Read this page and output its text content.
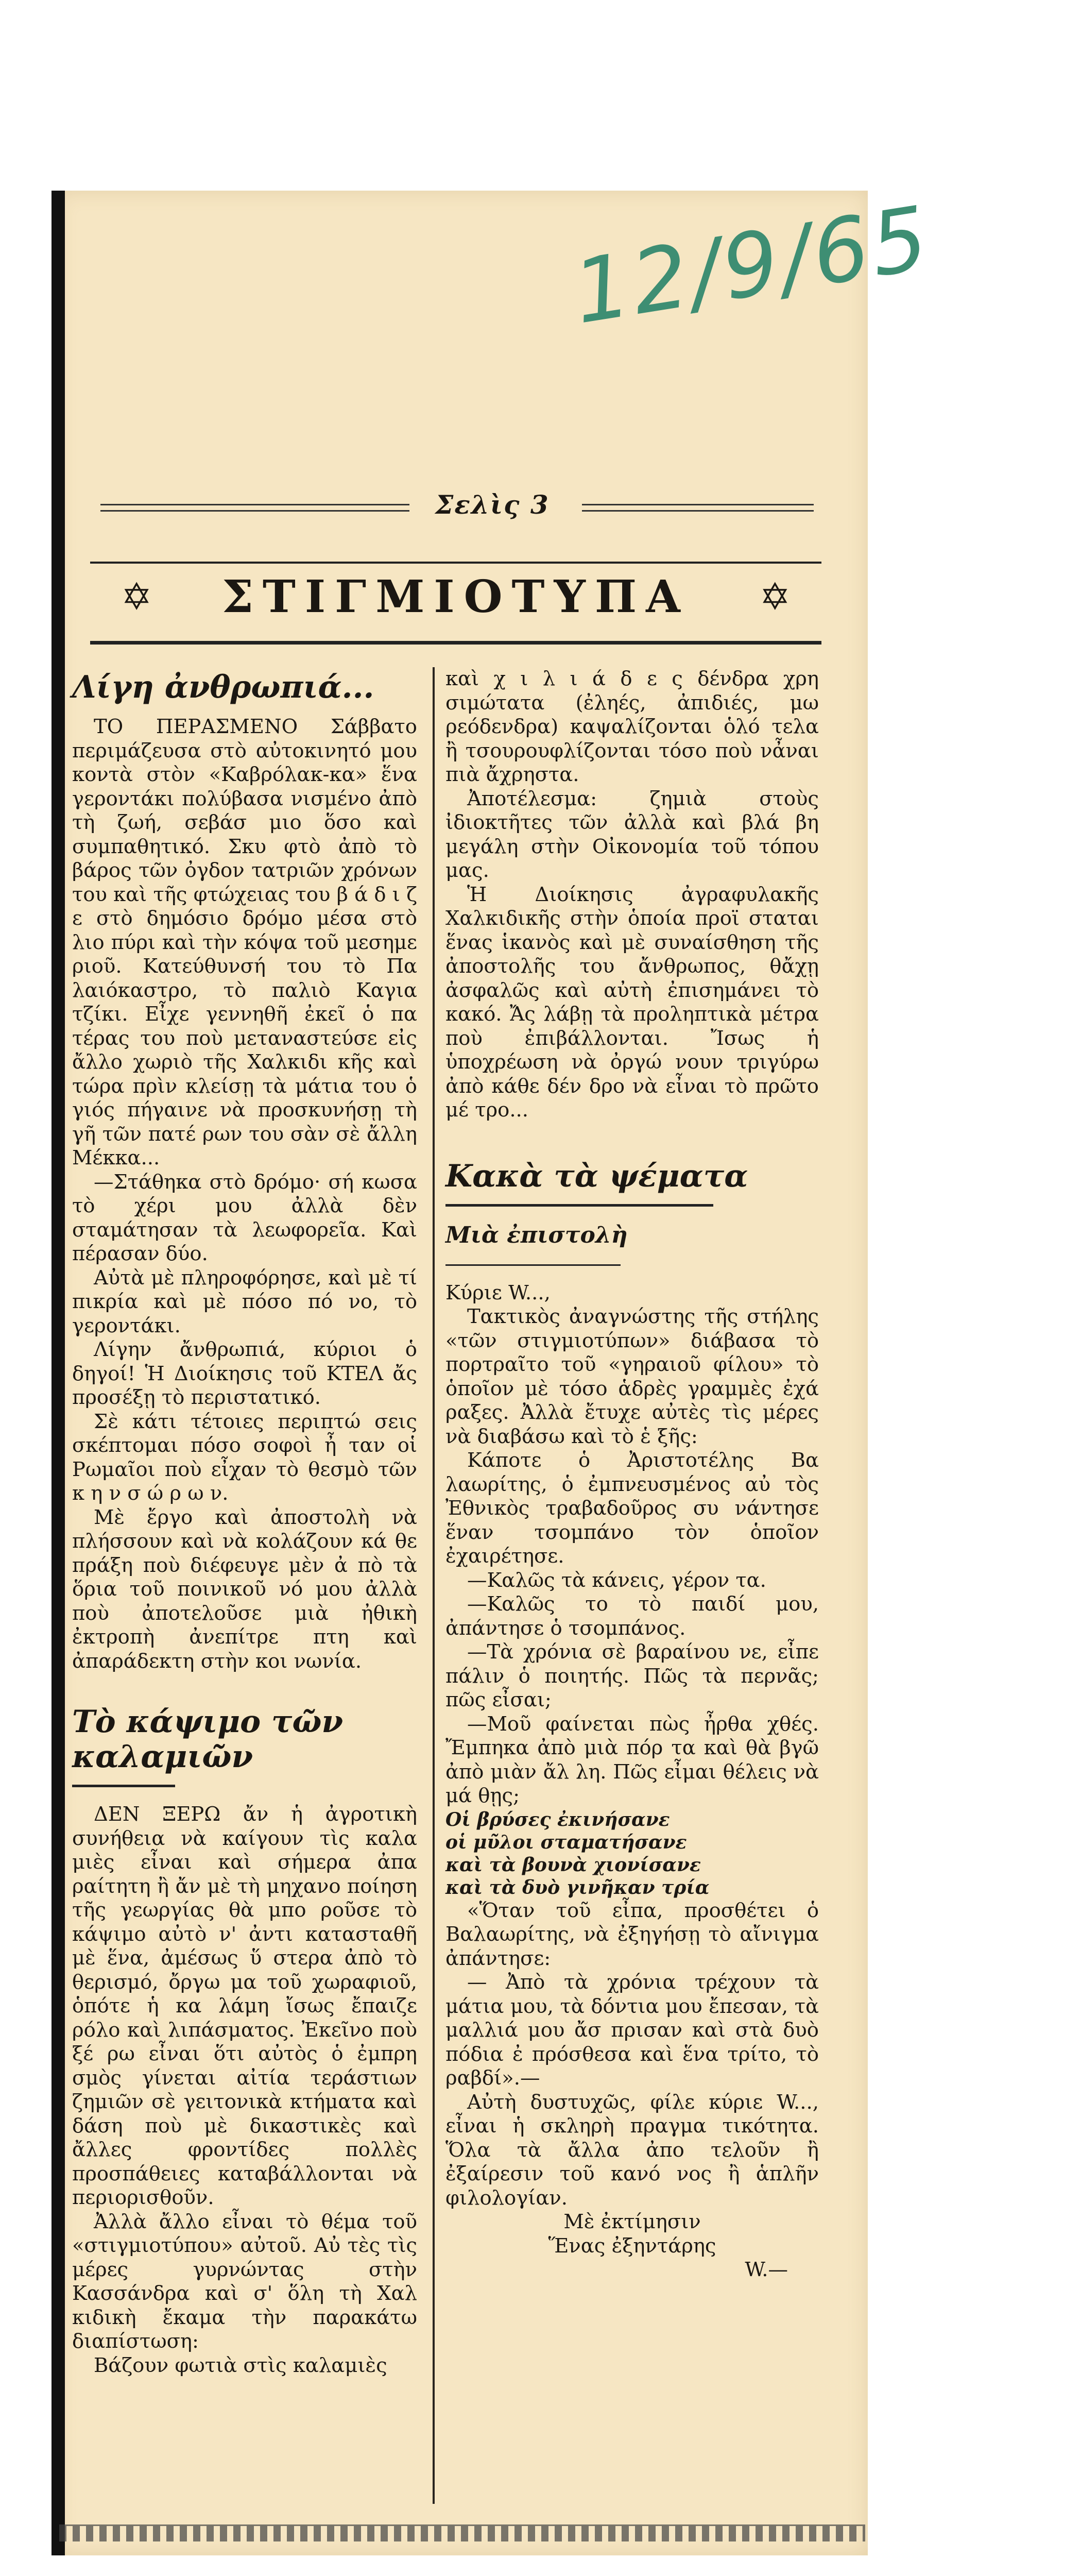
12/9/65
Σελὶς 3
✡	ΣΤΙΓΜΙΟΤΥΠΑ	✡
Λίγη ἀνθρωπιά...

ΤΟ ΠΕΡΑΣΜΕΝΟ Σάββατο περιμάζευσα στὸ αὐτοκινητό μου κοντὰ στὸν «Καβρόλακ-κα» ἕνα γεροντάκι πολύβασα νισμένο ἀπὸ τὴ ζωή, σεβάσ μιο ὅσο καὶ συμπαθητικό. Σκυ φτὸ ἀπὸ τὸ βάρος τῶν ὀγδον τατριῶν χρόνων του καὶ τῆς φτώχειας του β ά δ ι ζ ε στὸ δημόσιο δρόμο μέσα στὸ λιο πύρι καὶ τὴν κόψα τοῦ μεσημε ριοῦ. Κατεύθυνσή του τὸ Πα λαιόκαστρο, τὸ παλιὸ Καγια τζίκι. Εἶχε γεννηθῆ ἐκεῖ ὁ πα τέρας του ποὺ μεταναστεύσε εἰς ἄλλο χωριὸ τῆς Χαλκιδι κῆς καὶ τώρα πρὶν κλείσῃ τὰ μάτια του ὁ γιός πήγαινε νὰ προσκυνήσῃ τὴ γῆ τῶν πατέ ρων του σὰν σὲ ἄλλη Μέκκα...

—Στάθηκα στὸ δρόμο· σή κωσα τὸ χέρι μου ἀλλὰ δὲν σταμάτησαν τὰ λεωφορεῖα. Καὶ πέρασαν δύο.

Αὐτὰ μὲ πληροφόρησε, καὶ μὲ τί πικρία καὶ μὲ πόσο πό νο, τὸ γεροντάκι.

Λίγην ἄνθρωπιά, κύριοι ὁ δηγοί! Ἡ Διοίκησις τοῦ ΚΤΕΛ ἄς προσέξῃ τὸ περιστατικό.

Σὲ κάτι τέτοιες περιπτώ σεις σκέπτομαι πόσο σοφοὶ ἦ ταν οἱ Ρωμαῖοι ποὺ εἶχαν τὸ θεσμὸ τῶν κ η ν σ ώ ρ ω ν.

Μὲ ἔργο καὶ ἀποστολὴ νὰ πλήσσουν καὶ νὰ κολάζουν κά θε πράξη ποὺ διέφευγε μὲν ἀ πὸ τὰ ὅρια τοῦ ποινικοῦ νό μου ἀλλὰ ποὺ ἀποτελοῦσε μιὰ ἠθικὴ ἐκτροπὴ ἀνεπίτρε πτη καὶ ἀπαράδεκτη στὴν κοι νωνία.

Τὸ κάψιμο τῶν καλαμιῶν

ΔΕΝ ΞΕΡΩ ἄν ἡ ἀγροτικὴ συνήθεια νὰ καίγουν τὶς καλα μιὲς εἶναι καὶ σήμερα ἀπα ραίτητη ἢ ἄν μὲ τὴ μηχανο ποίηση τῆς γεωργίας θὰ μπο ροῦσε τὸ κάψιμο αὐτὸ ν' ἀντι κατασταθῆ μὲ ἕνα, ἀμέσως ὕ στερα ἀπὸ τὸ θερισμό, ὄργω μα τοῦ χωραφιοῦ, ὁπότε ἡ κα λάμη ἴσως ἔπαιζε ρόλο καὶ λιπάσματος. Ἐκεῖνο ποὺ ξέ ρω εἶναι ὅτι αὐτὸς ὁ ἐμπρη σμὸς γίνεται αἰτία τεράστιων ζημιῶν σὲ γειτονικὰ κτήματα καὶ δάση ποὺ μὲ δικαστικὲς καὶ ἄλλες φροντίδες πολλὲς προσπάθειες καταβάλλονται νὰ περιορισθοῦν.

Ἀλλὰ ἄλλο εἶναι τὸ θέμα τοῦ «στιγμιοτύπου» αὐτοῦ. Αὐ τὲς τὶς μέρες γυρνώντας στὴν Κασσάνδρα καὶ σ' ὅλη τὴ Χαλ κιδικὴ ἔκαμα τὴν παρακάτω διαπίστωση:

Βάζουν φωτιὰ στὶς καλαμιὲς

καὶ χ ι λ ι ά δ ε ς δένδρα χρη σιμώτατα (ἐληές, ἀπιδιές, μω ρεόδενδρα) καψαλίζονται ὁλό τελα ἢ τσουρουφλίζονται τόσο ποὺ νἆναι πιὰ ἄχρηστα.

Ἀποτέλεσμα: ζημιὰ στοὺς ἰδιοκτῆτες τῶν ἀλλὰ καὶ βλά βη μεγάλη στὴν Οἰκονομία τοῦ τόπου μας.

Ἡ Διοίκησις ἀγραφυλακῆς Χαλκιδικῆς στὴν ὁποία προϊ σταται ἕνας ἱκανὸς καὶ μὲ συναίσθηση τῆς ἀποστολῆς του ἄνθρωπος, θἄχῃ ἀσφαλῶς καὶ αὐτὴ ἐπισημάνει τὸ κακό. Ἄς λάβῃ τὰ προληπτικὰ μέτρα ποὺ ἐπιβάλλονται. Ἴσως ἡ ὑποχρέωση νὰ ὀργώ νουν τριγύρω ἀπὸ κάθε δέν δρο νὰ εἶναι τὸ πρῶτο μέ τρο...

Κακὰ τὰ ψέματα
Μιὰ ἐπιστολὴ

Κύριε W...,

Τακτικὸς ἀναγνώστης τῆς στήλης «τῶν στιγμιοτύπων» διάβασα τὸ πορτραῖτο τοῦ «γηραιοῦ φίλου» τὸ ὁποῖον μὲ τόσο ἁδρὲς γραμμὲς ἐχά ραξες. Ἀλλὰ ἔτυχε αὐτὲς τὶς μέρες νὰ διαβάσω καὶ τὸ ἑ ξῆς:

Κάποτε ὁ Ἀριστοτέλης Βα λαωρίτης, ὁ ἐμπνευσμένος αὐ τὸς Ἐθνικὸς τραβαδοῦρος συ νάντησε ἕναν τσομπάνο τὸν ὁποῖον ἐχαιρέτησε.

—Καλῶς τὰ κάνεις, γέρον τα.

—Καλῶς το τὸ παιδί μου, ἀπάντησε ὁ τσομπάνος.

—Τὰ χρόνια σὲ βαραίνου νε, εἶπε πάλιν ὁ ποιητής. Πῶς τὰ περνᾶς; πῶς εἶσαι;

—Μοῦ φαίνεται πὼς ἦρθα χθές. Ἔμπηκα ἀπὸ μιὰ πόρ τα καὶ θὰ βγῶ ἀπὸ μιὰν ἄλ λη. Πῶς εἶμαι θέλεις νὰ μά θῃς;

Οἱ βρύσες ἐκινήσανε

οἱ μῦλοι σταματήσανε

καὶ τὰ βουνὰ χιονίσανε

καὶ τὰ δυὸ γινῆκαν τρία

«Ὅταν τοῦ εἶπα, προσθέτει ὁ Βαλαωρίτης, νὰ ἐξηγήσῃ τὸ αἴνιγμα ἀπάντησε:

— Ἀπὸ τὰ χρόνια τρέχουν τὰ μάτια μου, τὰ δόντια μου ἔπεσαν, τὰ μαλλιά μου ἄσ πρισαν καὶ στὰ δυὸ πόδια ἐ πρόσθεσα καὶ ἕνα τρίτο, τὸ ραβδί».—

Αὐτὴ δυστυχῶς, φίλε κύριε W..., εἶναι ἡ σκληρὴ πραγμα τικότητα. Ὅλα τὰ ἄλλα ἀπο τελοῦν ἢ ἐξαίρεσιν τοῦ κανό νος ἢ ἁπλῆν φιλολογίαν.

Μὲ ἐκτίμησιν

Ἕνας ἐξηντάρης

W.—
